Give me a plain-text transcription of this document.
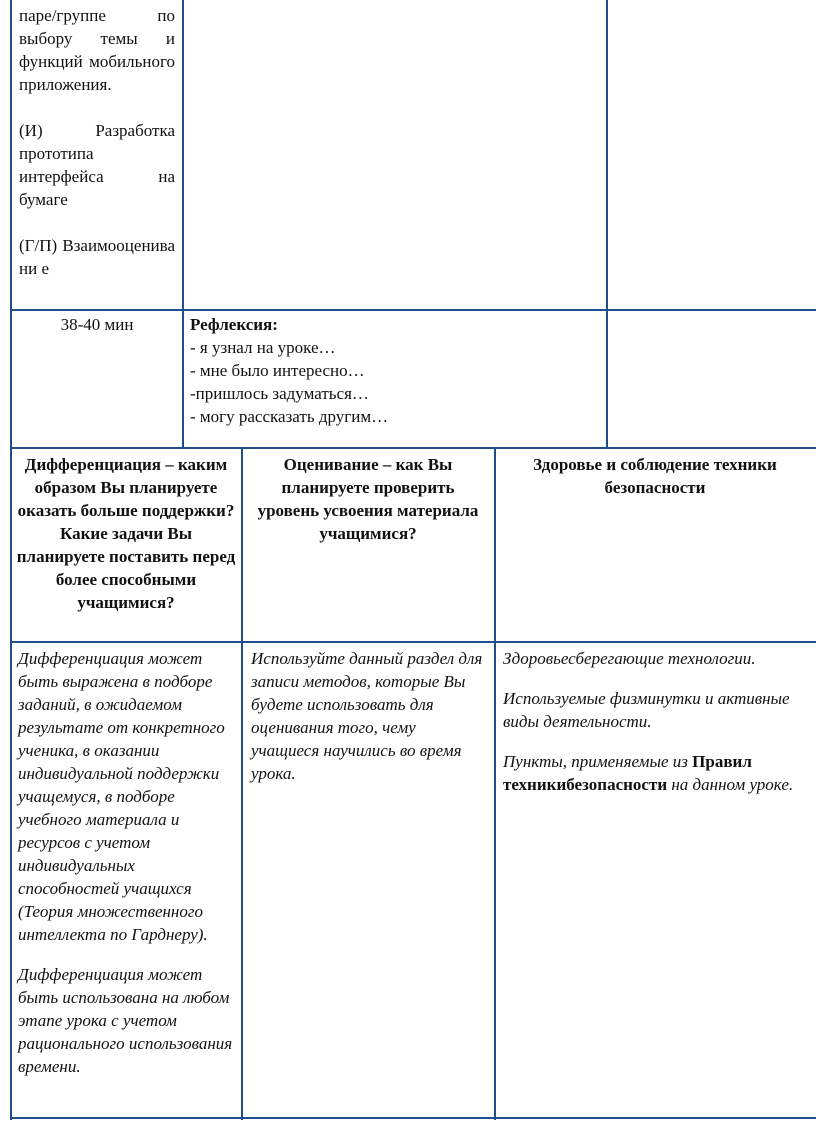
пaре/группе по выбору темы и функций мобильного приложения.

(И) Разработка прототипа интерфейса на бумаге

(Г/П) Взаимооценивани е

38-40 мин	Рефлексия:

- я узнал на уроке…

- мне было интересно…

-пришлось задуматься…

- могу рассказать другим…

Дифференциация – каким образом Вы планируете оказать больше поддержки? Какие задачи Вы планируете поставить перед более способными учащимися?
Оценивание – как Вы планируете проверить уровень усвоения материала учащимися?
Здоровье и соблюдение техники безопасности

Дифференциация может быть выражена в подборе заданий, в ожидаемом результате от конкретного ученика, в оказании индивидуальной поддержки учащемуся, в подборе учебного материала и ресурсов с учетом индивидуальных способностей учащихся (Теория множественного интеллекта по Гарднеру).

Дифференциация может быть использована на любом этапе урока с учетом рационального использования времени.

Используйте данный раздел для записи методов, которые Вы будете использовать для оценивания того, чему учащиеся научились во время урока.

Здоровьесберегающие технологии.

Используемые физминутки и активные виды деятельности.

Пункты, применяемые из Правил техникибезопасности на данном уроке.
